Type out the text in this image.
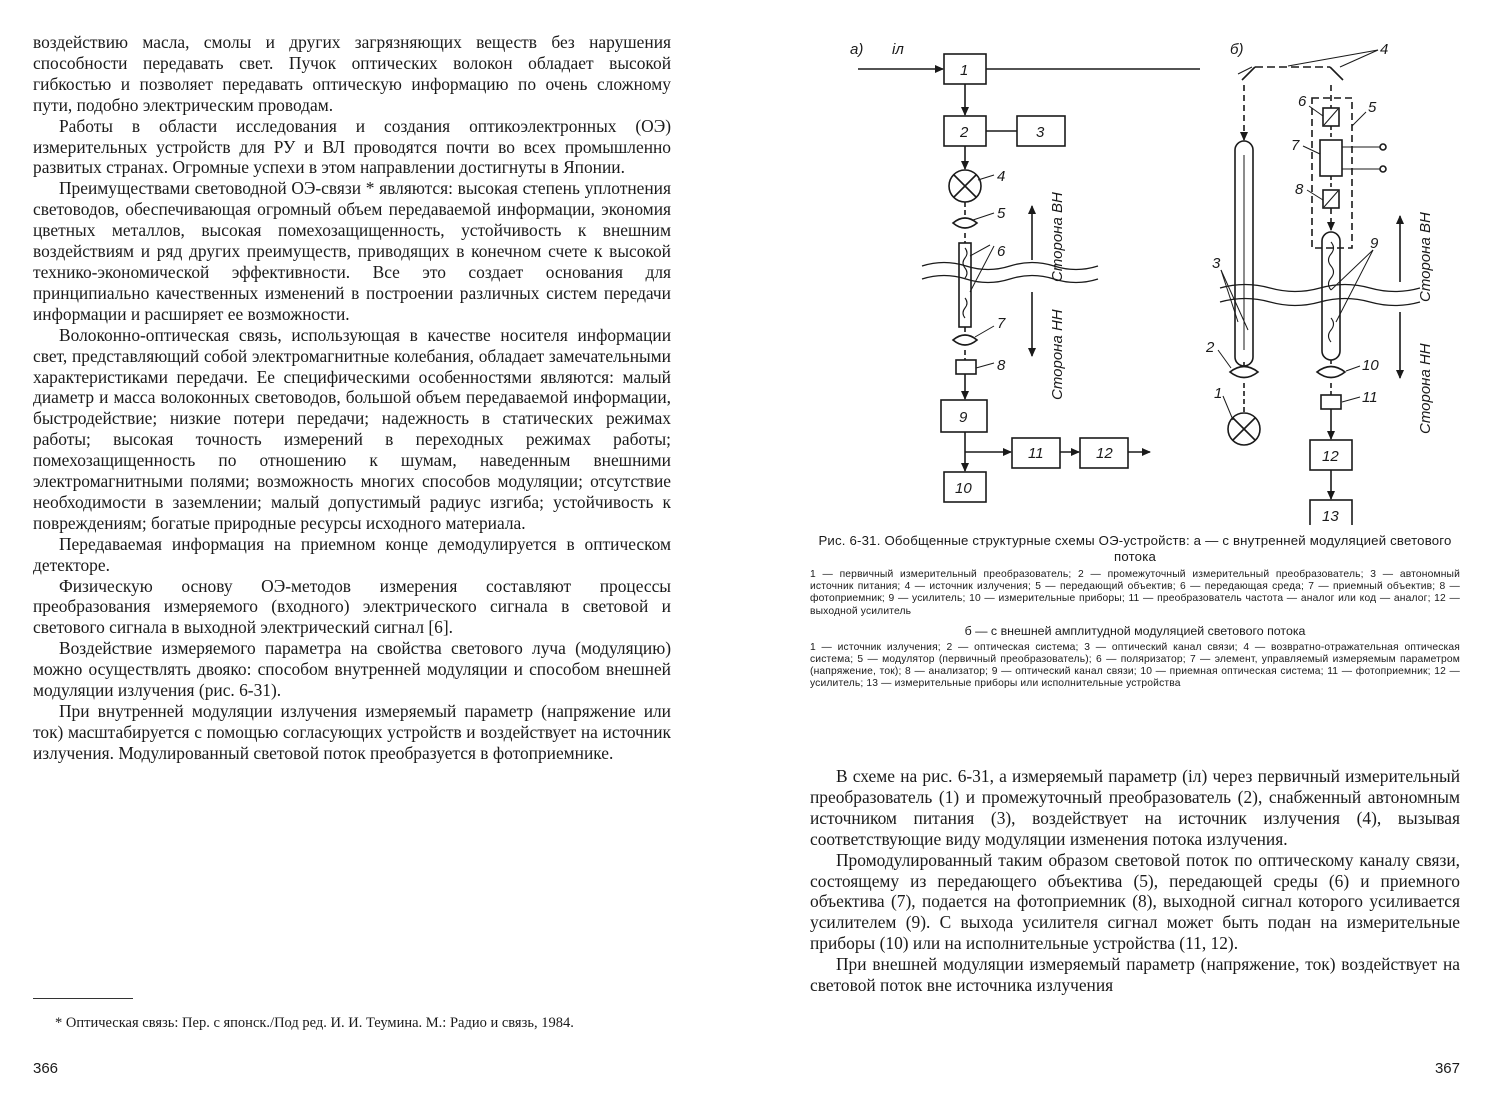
воздействию масла, смолы и других загрязняющих веществ без нарушения способности передавать свет. Пучок оптических волокон обладает высокой гибкостью и позволяет передавать оптическую информацию по очень сложному пути, подобно электрическим проводам.

Работы в области исследования и создания оптикоэлектронных (ОЭ) измерительных устройств для РУ и ВЛ проводятся почти во всех промышленно развитых странах. Огромные успехи в этом направлении достигнуты в Японии.

Преимуществами световодной ОЭ-связи * являются: высокая степень уплотнения световодов, обеспечивающая огромный объем передаваемой информации, экономия цветных металлов, высокая помехозащищенность, устойчивость к внешним воздействиям и ряд других преимуществ, приводящих в конечном счете к высокой технико-экономической эффективности. Все это создает основания для принципиально качественных изменений в построении различных систем передачи информации и расширяет ее возможности.

Волоконно-оптическая связь, использующая в качестве носителя информации свет, представляющий собой электромагнитные колебания, обладает замечательными характеристиками передачи. Ее специфическими особенностями являются: малый диаметр и масса волоконных световодов, большой объем передаваемой информации, быстродействие; низкие потери передачи; надежность в статических режимах работы; высокая точность измерений в переходных режимах работы; помехозащищенность по отношению к шумам, наведенным внешними электромагнитными полями; возможность многих способов модуляции; отсутствие необходимости в заземлении; малый допустимый радиус изгиба; устойчивость к повреждениям; богатые природные ресурсы исходного материала.

Передаваемая информация на приемном конце демодулируется в оптическом детекторе.

Физическую основу ОЭ-методов измерения составляют процессы преобразования измеряемого (входного) электрического сигнала в световой и светового сигнала в выходной электрический сигнал [6].

Воздействие измеряемого параметра на свойства светового луча (модуляцию) можно осуществлять двояко: способом внутренней модуляции и способом внешней модуляции излучения (рис. 6-31).

При внутренней модуляции излучения измеряемый параметр (напряжение или ток) масштабируется с помощью согласующих устройств и воздействует на источник излучения. Модулированный световой поток преобразуется в фотоприемнике.

* Оптическая связь: Пер. с японск./Под ред. И. И. Теумина. М.: Радио и связь, 1984.
366
а) iл
1
2	3
9
10
11	12
4
5
6
7
8
Сторона ВН
Сторона НН
б)	4
6	5
7
8
3
9
2
1
10
11
12
13
Сторона ВН
Сторона НН

Рис. 6-31. Обобщенные структурные схемы ОЭ-устройств: а — с внутренней модуляцией светового потока

1 — первичный измерительный преобразователь; 2 — промежуточный измерительный преобразователь; 3 — автономный источник питания; 4 — источник излучения; 5 — передающий объектив; 6 — передающая среда; 7 — приемный объектив; 8 — фотоприемник; 9 — усилитель; 10 — измерительные приборы; 11 — преобразователь частота — аналог или код — аналог; 12 — выходной усилитель

б — с внешней амплитудной модуляцией светового потока

1 — источник излучения; 2 — оптическая система; 3 — оптический канал связи; 4 — возвратно-отражательная оптическая система; 5 — модулятор (первичный преобразователь); 6 — поляризатор; 7 — элемент, управляемый измеряемым параметром (напряжение, ток); 8 — анализатор; 9 — оптический канал связи; 10 — приемная оптическая система; 11 — фотоприемник; 12 — усилитель; 13 — измерительные приборы или исполнительные устройства

В схеме на рис. 6-31, а измеряемый параметр (iл) через первичный измерительный преобразователь (1) и промежуточный преобразователь (2), снабженный автономным источником питания (3), воздействует на источник излучения (4), вызывая соответствующие виду модуляции изменения потока излучения.

Промодулированный таким образом световой поток по оптическому каналу связи, состоящему из передающего объектива (5), передающей среды (6) и приемного объектива (7), подается на фотоприемник (8), выходной сигнал которого усиливается усилителем (9). С выхода усилителя сигнал может быть подан на измерительные приборы (10) или на исполнительные устройства (11, 12).

При внешней модуляции измеряемый параметр (напряжение, ток) воздействует на световой поток вне источника излучения

367
